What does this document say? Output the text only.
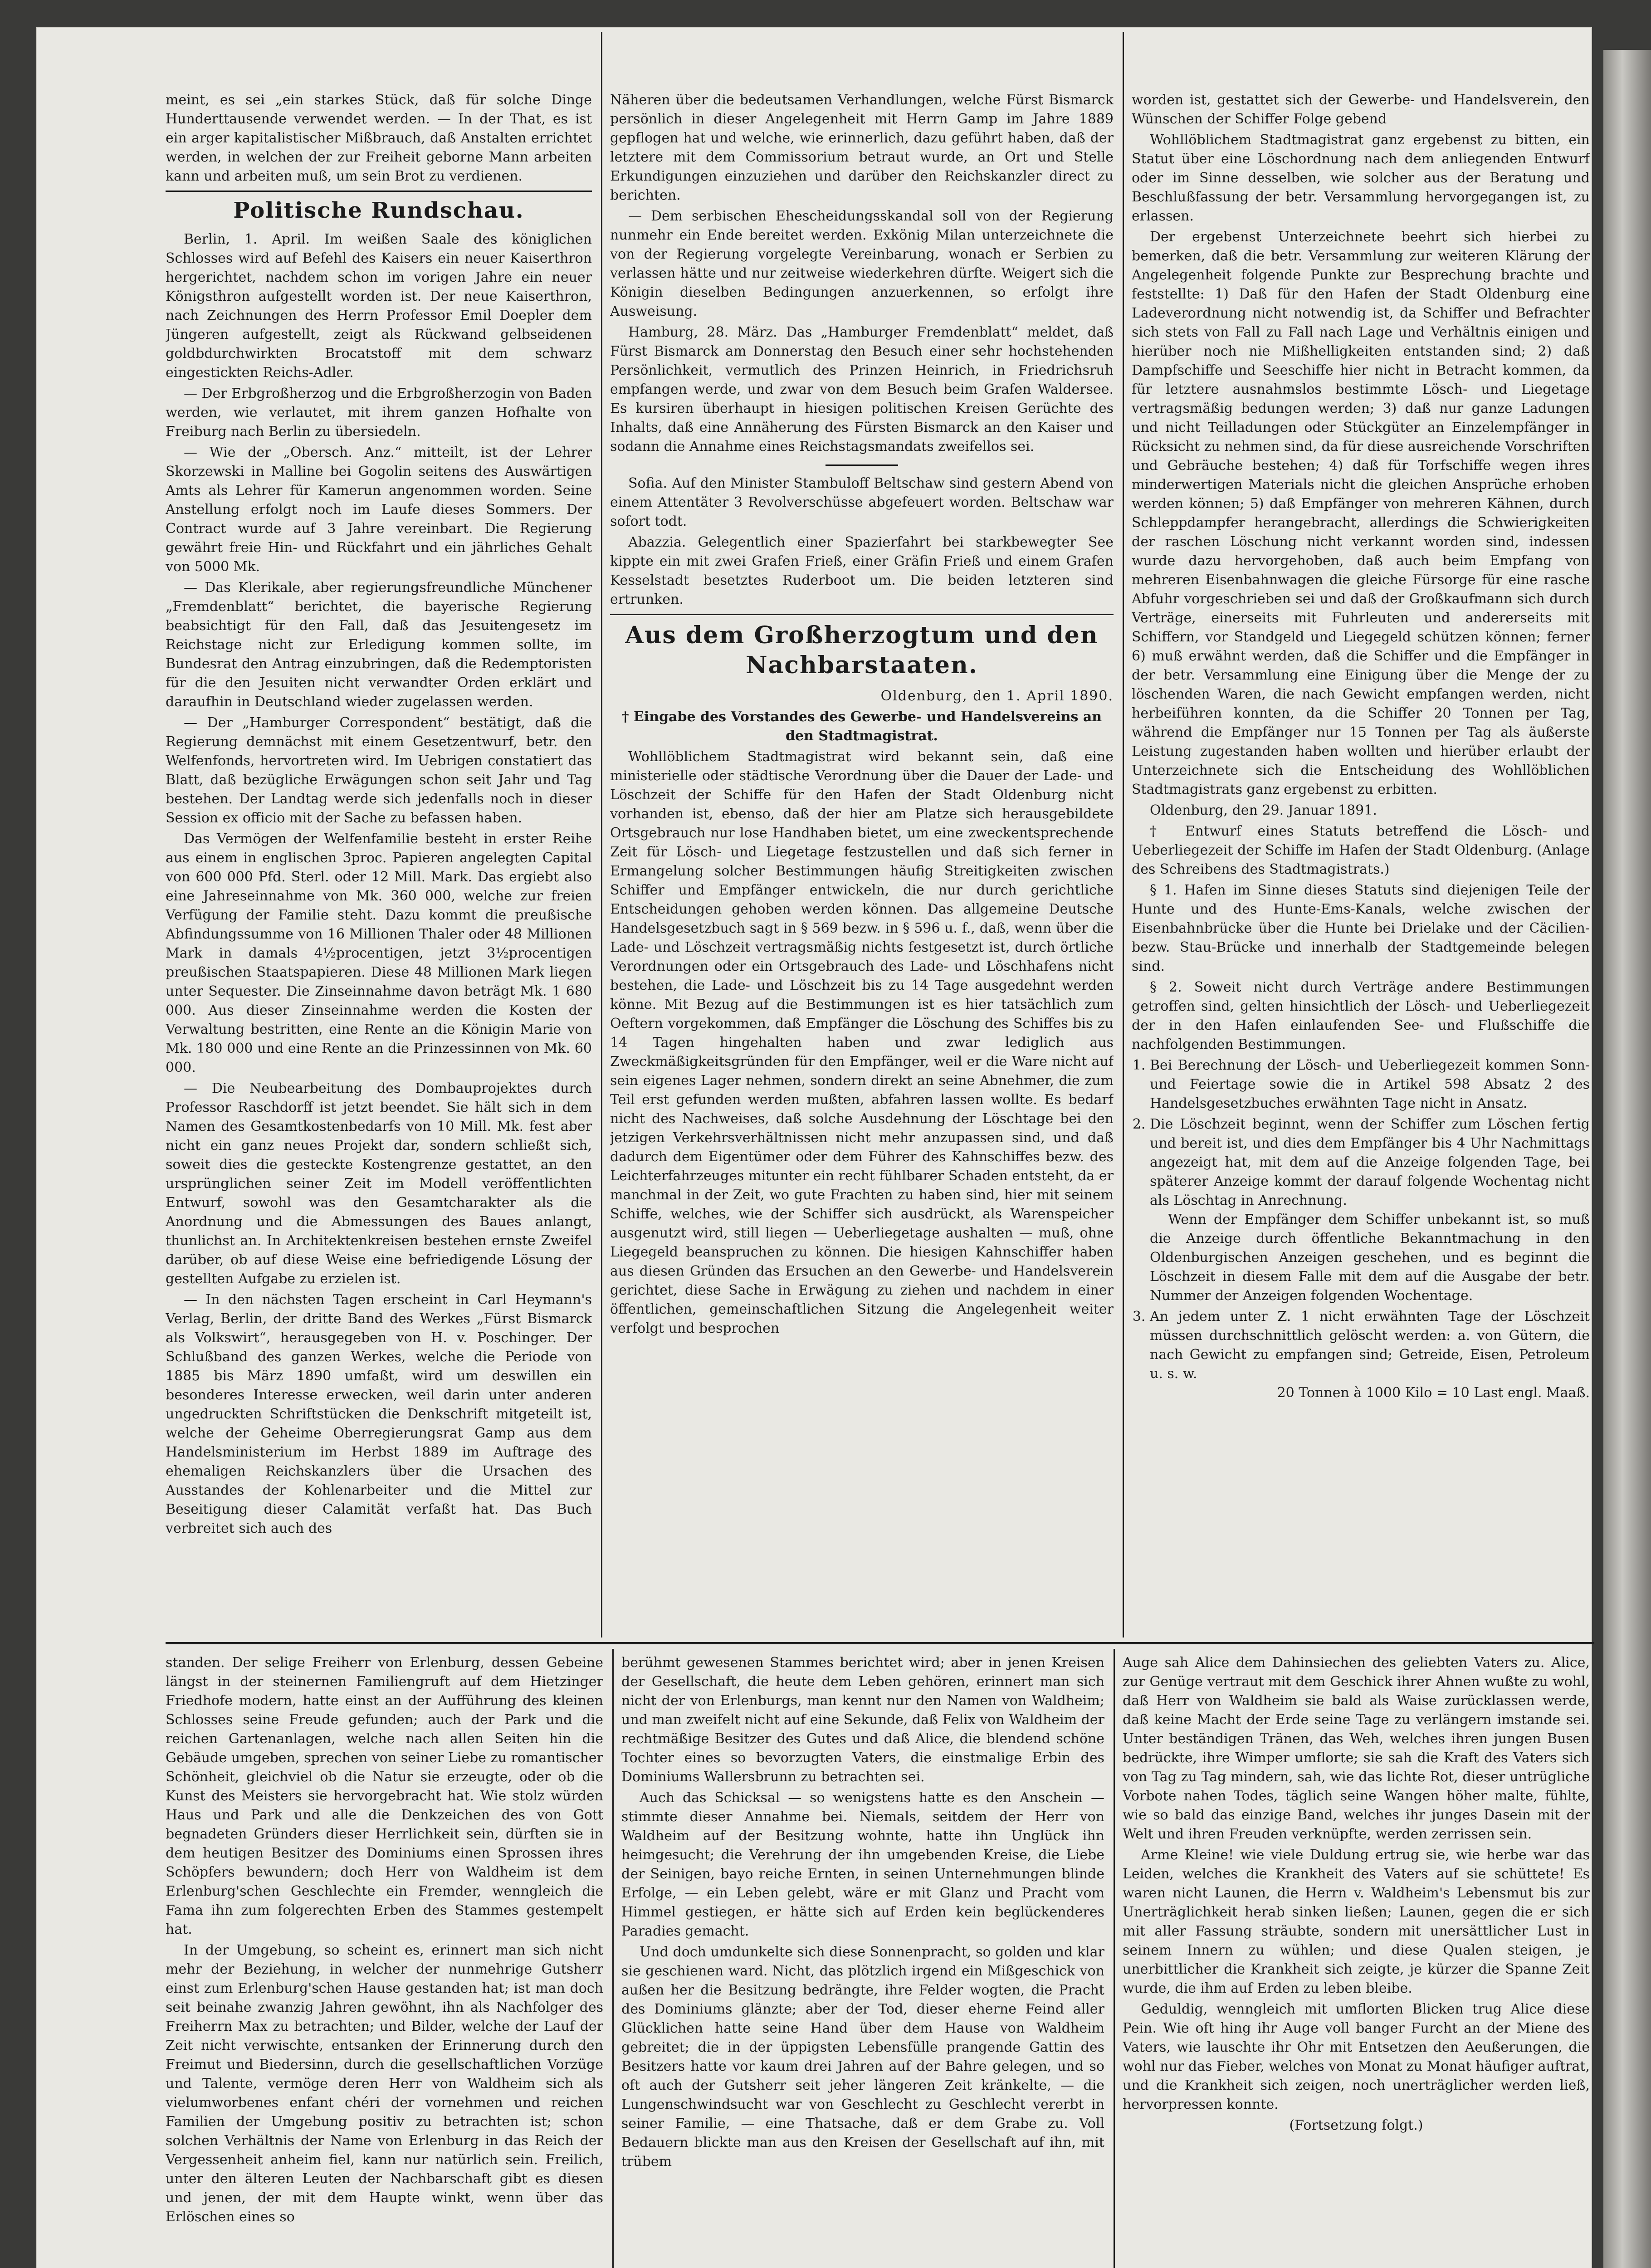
meint, es sei „ein starkes Stück, daß für solche Dinge Hunderttausende verwendet werden. — In der That, es ist ein arger kapitalistischer Mißbrauch, daß Anstalten errichtet werden, in welchen der zur Freiheit geborne Mann arbeiten kann und arbeiten muß, um sein Brot zu verdienen.

Politische Rundschau.

Berlin, 1. April. Im weißen Saale des königlichen Schlosses wird auf Befehl des Kaisers ein neuer Kaiserthron hergerichtet, nachdem schon im vorigen Jahre ein neuer Königsthron aufgestellt worden ist. Der neue Kaiserthron, nach Zeichnungen des Herrn Professor Emil Doepler dem Jüngeren aufgestellt, zeigt als Rückwand gelbseidenen goldbdurchwirkten Brocatstoff mit dem schwarz eingestickten Reichs-Adler.

— Der Erbgroßherzog und die Erbgroßherzogin von Baden werden, wie verlautet, mit ihrem ganzen Hofhalte von Freiburg nach Berlin zu übersiedeln.

— Wie der „Obersch. Anz.“ mitteilt, ist der Lehrer Skorzewski in Malline bei Gogolin seitens des Auswärtigen Amts als Lehrer für Kamerun angenommen worden. Seine Anstellung erfolgt noch im Laufe dieses Sommers. Der Contract wurde auf 3 Jahre vereinbart. Die Regierung gewährt freie Hin- und Rückfahrt und ein jährliches Gehalt von 5000 Mk.

— Das Klerikale, aber regierungsfreundliche Münchener „Fremdenblatt“ berichtet, die bayerische Regierung beabsichtigt für den Fall, daß das Jesuitengesetz im Reichstage nicht zur Erledigung kommen sollte, im Bundesrat den Antrag einzubringen, daß die Redemptoristen für die den Jesuiten nicht verwandter Orden erklärt und daraufhin in Deutschland wieder zugelassen werden.

— Der „Hamburger Correspondent“ bestätigt, daß die Regierung demnächst mit einem Gesetzentwurf, betr. den Welfenfonds, hervortreten wird. Im Uebrigen constatiert das Blatt, daß bezügliche Erwägungen schon seit Jahr und Tag bestehen. Der Landtag werde sich jedenfalls noch in dieser Session ex officio mit der Sache zu befassen haben.

Das Vermögen der Welfenfamilie besteht in erster Reihe aus einem in englischen 3proc. Papieren angelegten Capital von 600 000 Pfd. Sterl. oder 12 Mill. Mark. Das ergiebt also eine Jahreseinnahme von Mk. 360 000, welche zur freien Verfügung der Familie steht. Dazu kommt die preußische Abfindungssumme von 16 Millionen Thaler oder 48 Millionen Mark in damals 4½procentigen, jetzt 3½procentigen preußischen Staatspapieren. Diese 48 Millionen Mark liegen unter Sequester. Die Zinseinnahme davon beträgt Mk. 1 680 000. Aus dieser Zinseinnahme werden die Kosten der Verwaltung bestritten, eine Rente an die Königin Marie von Mk. 180 000 und eine Rente an die Prinzessinnen von Mk. 60 000.

— Die Neubearbeitung des Dombauprojektes durch Professor Raschdorff ist jetzt beendet. Sie hält sich in dem Namen des Gesamtkostenbedarfs von 10 Mill. Mk. fest aber nicht ein ganz neues Projekt dar, sondern schließt sich, soweit dies die gesteckte Kostengrenze gestattet, an den ursprünglichen seiner Zeit im Modell veröffentlichten Entwurf, sowohl was den Gesamtcharakter als die Anordnung und die Abmessungen des Baues anlangt, thunlichst an. In Architektenkreisen bestehen ernste Zweifel darüber, ob auf diese Weise eine befriedigende Lösung der gestellten Aufgabe zu erzielen ist.

— In den nächsten Tagen erscheint in Carl Heymann's Verlag, Berlin, der dritte Band des Werkes „Fürst Bismarck als Volkswirt“, herausgegeben von H. v. Poschinger. Der Schlußband des ganzen Werkes, welche die Periode von 1885 bis März 1890 umfaßt, wird um deswillen ein besonderes Interesse erwecken, weil darin unter anderen ungedruckten Schriftstücken die Denkschrift mitgeteilt ist, welche der Geheime Oberregierungsrat Gamp aus dem Handelsministerium im Herbst 1889 im Auftrage des ehemaligen Reichskanzlers über die Ursachen des Ausstandes der Kohlenarbeiter und die Mittel zur Beseitigung dieser Calamität verfaßt hat. Das Buch verbreitet sich auch des

Näheren über die bedeutsamen Verhandlungen, welche Fürst Bismarck persönlich in dieser Angelegenheit mit Herrn Gamp im Jahre 1889 gepflogen hat und welche, wie erinnerlich, dazu geführt haben, daß der letztere mit dem Commissorium betraut wurde, an Ort und Stelle Erkundigungen einzuziehen und darüber den Reichskanzler direct zu berichten.

— Dem serbischen Ehescheidungsskandal soll von der Regierung nunmehr ein Ende bereitet werden. Exkönig Milan unterzeichnete die von der Regierung vorgelegte Vereinbarung, wonach er Serbien zu verlassen hätte und nur zeitweise wiederkehren dürfte. Weigert sich die Königin dieselben Bedingungen anzuerkennen, so erfolgt ihre Ausweisung.

Hamburg, 28. März. Das „Hamburger Fremdenblatt“ meldet, daß Fürst Bismarck am Donnerstag den Besuch einer sehr hochstehenden Persönlichkeit, vermutlich des Prinzen Heinrich, in Friedrichsruh empfangen werde, und zwar von dem Besuch beim Grafen Waldersee. Es kursiren überhaupt in hiesigen politischen Kreisen Gerüchte des Inhalts, daß eine Annäherung des Fürsten Bismarck an den Kaiser und sodann die Annahme eines Reichstagsmandats zweifellos sei.

Sofia. Auf den Minister Stambuloff Beltschaw sind gestern Abend von einem Attentäter 3 Revolverschüsse abgefeuert worden. Beltschaw war sofort todt.

Abazzia. Gelegentlich einer Spazierfahrt bei starkbewegter See kippte ein mit zwei Grafen Frieß, einer Gräfin Frieß und einem Grafen Kesselstadt besetztes Ruderboot um. Die beiden letzteren sind ertrunken.

Aus dem Großherzogtum und den Nachbarstaaten.

Oldenburg, den 1. April 1890.

† Eingabe des Vorstandes des Gewerbe- und Handelsvereins an den Stadtmagistrat.

Wohllöblichem Stadtmagistrat wird bekannt sein, daß eine ministerielle oder städtische Verordnung über die Dauer der Lade- und Löschzeit der Schiffe für den Hafen der Stadt Oldenburg nicht vorhanden ist, ebenso, daß der hier am Platze sich herausgebildete Ortsgebrauch nur lose Handhaben bietet, um eine zweckentsprechende Zeit für Lösch- und Liegetage festzustellen und daß sich ferner in Ermangelung solcher Bestimmungen häufig Streitigkeiten zwischen Schiffer und Empfänger entwickeln, die nur durch gerichtliche Entscheidungen gehoben werden können. Das allgemeine Deutsche Handelsgesetzbuch sagt in § 569 bezw. in § 596 u. f., daß, wenn über die Lade- und Löschzeit vertragsmäßig nichts festgesetzt ist, durch örtliche Verordnungen oder ein Ortsgebrauch des Lade- und Löschhafens nicht bestehen, die Lade- und Löschzeit bis zu 14 Tage ausgedehnt werden könne. Mit Bezug auf die Bestimmungen ist es hier tatsächlich zum Oeftern vorgekommen, daß Empfänger die Löschung des Schiffes bis zu 14 Tagen hingehalten haben und zwar lediglich aus Zweckmäßigkeitsgründen für den Empfänger, weil er die Ware nicht auf sein eigenes Lager nehmen, sondern direkt an seine Abnehmer, die zum Teil erst gefunden werden mußten, abfahren lassen wollte. Es bedarf nicht des Nachweises, daß solche Ausdehnung der Löschtage bei den jetzigen Verkehrsverhältnissen nicht mehr anzupassen sind, und daß dadurch dem Eigentümer oder dem Führer des Kahnschiffes bezw. des Leichterfahrzeuges mitunter ein recht fühlbarer Schaden entsteht, da er manchmal in der Zeit, wo gute Frachten zu haben sind, hier mit seinem Schiffe, welches, wie der Schiffer sich ausdrückt, als Warenspeicher ausgenutzt wird, still liegen — Ueberliegetage aushalten — muß, ohne Liegegeld beanspruchen zu können. Die hiesigen Kahnschiffer haben aus diesen Gründen das Ersuchen an den Gewerbe- und Handelsverein gerichtet, diese Sache in Erwägung zu ziehen und nachdem in einer öffentlichen, gemeinschaftlichen Sitzung die Angelegenheit weiter verfolgt und besprochen

worden ist, gestattet sich der Gewerbe- und Handelsverein, den Wünschen der Schiffer Folge gebend

Wohllöblichem Stadtmagistrat ganz ergebenst zu bitten, ein Statut über eine Löschordnung nach dem anliegenden Entwurf oder im Sinne desselben, wie solcher aus der Beratung und Beschlußfassung der betr. Versammlung hervorgegangen ist, zu erlassen.

Der ergebenst Unterzeichnete beehrt sich hierbei zu bemerken, daß die betr. Versammlung zur weiteren Klärung der Angelegenheit folgende Punkte zur Besprechung brachte und feststellte: 1) Daß für den Hafen der Stadt Oldenburg eine Ladeverordnung nicht notwendig ist, da Schiffer und Befrachter sich stets von Fall zu Fall nach Lage und Verhältnis einigen und hierüber noch nie Mißhelligkeiten entstanden sind; 2) daß Dampfschiffe und Seeschiffe hier nicht in Betracht kommen, da für letztere ausnahmslos bestimmte Lösch- und Liegetage vertragsmäßig bedungen werden; 3) daß nur ganze Ladungen und nicht Teilladungen oder Stückgüter an Einzelempfänger in Rücksicht zu nehmen sind, da für diese ausreichende Vorschriften und Gebräuche bestehen; 4) daß für Torfschiffe wegen ihres minderwertigen Materials nicht die gleichen Ansprüche erhoben werden können; 5) daß Empfänger von mehreren Kähnen, durch Schleppdampfer herangebracht, allerdings die Schwierigkeiten der raschen Löschung nicht verkannt worden sind, indessen wurde dazu hervorgehoben, daß auch beim Empfang von mehreren Eisenbahnwagen die gleiche Fürsorge für eine rasche Abfuhr vorgeschrieben sei und daß der Großkaufmann sich durch Verträge, einerseits mit Fuhrleuten und andererseits mit Schiffern, vor Standgeld und Liegegeld schützen können; ferner 6) muß erwähnt werden, daß die Schiffer und die Empfänger in der betr. Versammlung eine Einigung über die Menge der zu löschenden Waren, die nach Gewicht empfangen werden, nicht herbeiführen konnten, da die Schiffer 20 Tonnen per Tag, während die Empfänger nur 15 Tonnen per Tag als äußerste Leistung zugestanden haben wollten und hierüber erlaubt der Unterzeichnete sich die Entscheidung des Wohllöblichen Stadtmagistrats ganz ergebenst zu erbitten.

Oldenburg, den 29. Januar 1891.

† Entwurf eines Statuts betreffend die Lösch- und Ueberliegezeit der Schiffe im Hafen der Stadt Oldenburg. (Anlage des Schreibens des Stadtmagistrats.)

§ 1. Hafen im Sinne dieses Statuts sind diejenigen Teile der Hunte und des Hunte-Ems-Kanals, welche zwischen der Eisenbahnbrücke über die Hunte bei Drielake und der Cäcilien- bezw. Stau-Brücke und innerhalb der Stadtgemeinde belegen sind.

§ 2. Soweit nicht durch Verträge andere Bestimmungen getroffen sind, gelten hinsichtlich der Lösch- und Ueberliegezeit der in den Hafen einlaufenden See- und Flußschiffe die nachfolgenden Bestimmungen.

1. Bei Berechnung der Lösch- und Ueberliegezeit kommen Sonn- und Feiertage sowie die in Artikel 598 Absatz 2 des Handelsgesetzbuches erwähnten Tage nicht in Ansatz.
2. Die Löschzeit beginnt, wenn der Schiffer zum Löschen fertig und bereit ist, und dies dem Empfänger bis 4 Uhr Nachmittags angezeigt hat, mit dem auf die Anzeige folgenden Tage, bei späterer Anzeige kommt der darauf folgende Wochentag nicht als Löschtag in Anrechnung.
Wenn der Empfänger dem Schiffer unbekannt ist, so muß die Anzeige durch öffentliche Bekanntmachung in den Oldenburgischen Anzeigen geschehen, und es beginnt die Löschzeit in diesem Falle mit dem auf die Ausgabe der betr. Nummer der Anzeigen folgenden Wochentage.
3. An jedem unter Z. 1 nicht erwähnten Tage der Löschzeit müssen durchschnittlich gelöscht werden: a. von Gütern, die nach Gewicht zu empfangen sind; Getreide, Eisen, Petroleum u. s. w.
20 Tonnen à 1000 Kilo = 10 Last engl. Maaß.

standen. Der selige Freiherr von Erlenburg, dessen Gebeine längst in der steinernen Familiengruft auf dem Hietzinger Friedhofe modern, hatte einst an der Aufführung des kleinen Schlosses seine Freude gefunden; auch der Park und die reichen Gartenanlagen, welche nach allen Seiten hin die Gebäude umgeben, sprechen von seiner Liebe zu romantischer Schönheit, gleichviel ob die Natur sie erzeugte, oder ob die Kunst des Meisters sie hervorgebracht hat. Wie stolz würden Haus und Park und alle die Denkzeichen des von Gott begnadeten Gründers dieser Herrlichkeit sein, dürften sie in dem heutigen Besitzer des Dominiums einen Sprossen ihres Schöpfers bewundern; doch Herr von Waldheim ist dem Erlenburg'schen Geschlechte ein Fremder, wenngleich die Fama ihn zum folgerechten Erben des Stammes gestempelt hat.

In der Umgebung, so scheint es, erinnert man sich nicht mehr der Beziehung, in welcher der nunmehrige Gutsherr einst zum Erlenburg'schen Hause gestanden hat; ist man doch seit beinahe zwanzig Jahren gewöhnt, ihn als Nachfolger des Freiherrn Max zu betrachten; und Bilder, welche der Lauf der Zeit nicht verwischte, entsanken der Erinnerung durch den Freimut und Biedersinn, durch die gesellschaftlichen Vorzüge und Talente, vermöge deren Herr von Waldheim sich als vielumworbenes enfant chéri der vornehmen und reichen Familien der Umgebung positiv zu betrachten ist; schon solchen Verhältnis der Name von Erlenburg in das Reich der Vergessenheit anheim fiel, kann nur natürlich sein. Freilich, unter den älteren Leuten der Nachbarschaft gibt es diesen und jenen, der mit dem Haupte winkt, wenn über das Erlöschen eines so

berühmt gewesenen Stammes berichtet wird; aber in jenen Kreisen der Gesellschaft, die heute dem Leben gehören, erinnert man sich nicht der von Erlenburgs, man kennt nur den Namen von Waldheim; und man zweifelt nicht auf eine Sekunde, daß Felix von Waldheim der rechtmäßige Besitzer des Gutes und daß Alice, die blendend schöne Tochter eines so bevorzugten Vaters, die einstmalige Erbin des Dominiums Wallersbrunn zu betrachten sei.

Auch das Schicksal — so wenigstens hatte es den Anschein — stimmte dieser Annahme bei. Niemals, seitdem der Herr von Waldheim auf der Besitzung wohnte, hatte ihn Unglück ihn heimgesucht; die Verehrung der ihn umgebenden Kreise, die Liebe der Seinigen, bayo reiche Ernten, in seinen Unternehmungen blinde Erfolge, — ein Leben gelebt, wäre er mit Glanz und Pracht vom Himmel gestiegen, er hätte sich auf Erden kein beglückenderes Paradies gemacht.

Und doch umdunkelte sich diese Sonnenpracht, so golden und klar sie geschienen ward. Nicht, das plötzlich irgend ein Mißgeschick von außen her die Besitzung bedrängte, ihre Felder wogten, die Pracht des Dominiums glänzte; aber der Tod, dieser eherne Feind aller Glücklichen hatte seine Hand über dem Hause von Waldheim gebreitet; die in der üppigsten Lebensfülle prangende Gattin des Besitzers hatte vor kaum drei Jahren auf der Bahre gelegen, und so oft auch der Gutsherr seit jeher längeren Zeit kränkelte, — die Lungenschwindsucht war von Geschlecht zu Geschlecht vererbt in seiner Familie, — eine Thatsache, daß er dem Grabe zu. Voll Bedauern blickte man aus den Kreisen der Gesellschaft auf ihn, mit trübem

Auge sah Alice dem Dahinsiechen des geliebten Vaters zu. Alice, zur Genüge vertraut mit dem Geschick ihrer Ahnen wußte zu wohl, daß Herr von Waldheim sie bald als Waise zurücklassen werde, daß keine Macht der Erde seine Tage zu verlängern imstande sei. Unter beständigen Tränen, das Weh, welches ihren jungen Busen bedrückte, ihre Wimper umflorte; sie sah die Kraft des Vaters sich von Tag zu Tag mindern, sah, wie das lichte Rot, dieser untrügliche Vorbote nahen Todes, täglich seine Wangen höher malte, fühlte, wie so bald das einzige Band, welches ihr junges Dasein mit der Welt und ihren Freuden verknüpfte, werden zerrissen sein.

Arme Kleine! wie viele Duldung ertrug sie, wie herbe war das Leiden, welches die Krankheit des Vaters auf sie schüttete! Es waren nicht Launen, die Herrn v. Waldheim's Lebensmut bis zur Unerträglichkeit herab sinken ließen; Launen, gegen die er sich mit aller Fassung sträubte, sondern mit unersättlicher Lust in seinem Innern zu wühlen; und diese Qualen steigen, je unerbittlicher die Krankheit sich zeigte, je kürzer die Spanne Zeit wurde, die ihm auf Erden zu leben bleibe.

Geduldig, wenngleich mit umflorten Blicken trug Alice diese Pein. Wie oft hing ihr Auge voll banger Furcht an der Miene des Vaters, wie lauschte ihr Ohr mit Entsetzen den Aeußerungen, die wohl nur das Fieber, welches von Monat zu Monat häufiger auftrat, und die Krankheit sich zeigen, noch unerträglicher werden ließ, hervorpressen konnte.

(Fortsetzung folgt.)
